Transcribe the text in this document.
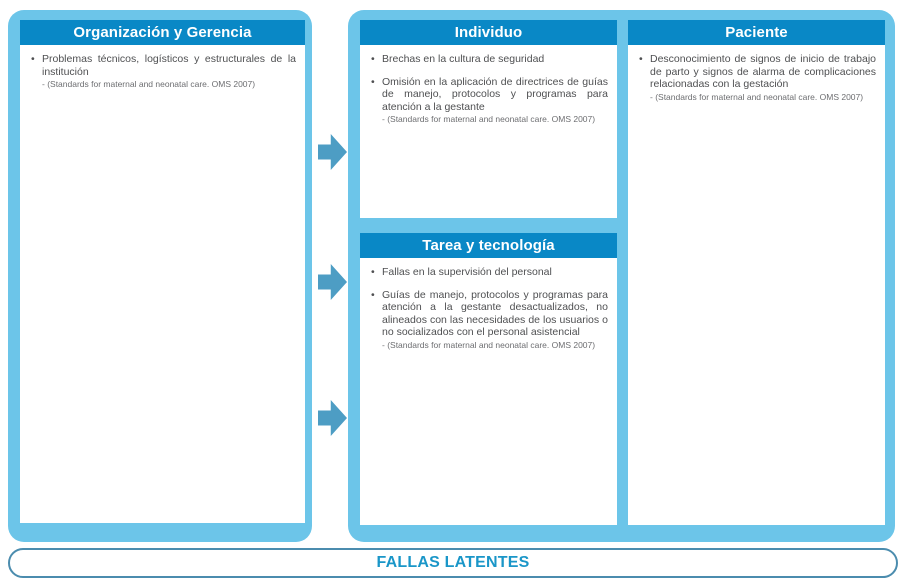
Organización y Gerencia
• Problemas técnicos, logísticos y estructurales de la institución
- (Standards for maternal and neonatal care. OMS 2007)
Individuo
• Brechas en la cultura de seguridad
• Omisión en la aplicación de directrices de guías de manejo, protocolos y programas para atención a la gestante
- (Standards for maternal and neonatal care. OMS 2007)
Tarea y tecnología
• Fallas en la supervisión del personal
• Guías de manejo, protocolos y programas para atención a la gestante desactualizados, no alineados con las necesidades de los usuarios o no socializados con el personal asistencial
- (Standards for maternal and neonatal care. OMS 2007)
Paciente
• Desconocimiento de signos de inicio de trabajo de parto y signos de alarma de complicaciones relacionadas con la gestación
- (Standards for maternal and neonatal care. OMS 2007)
FALLAS LATENTES
